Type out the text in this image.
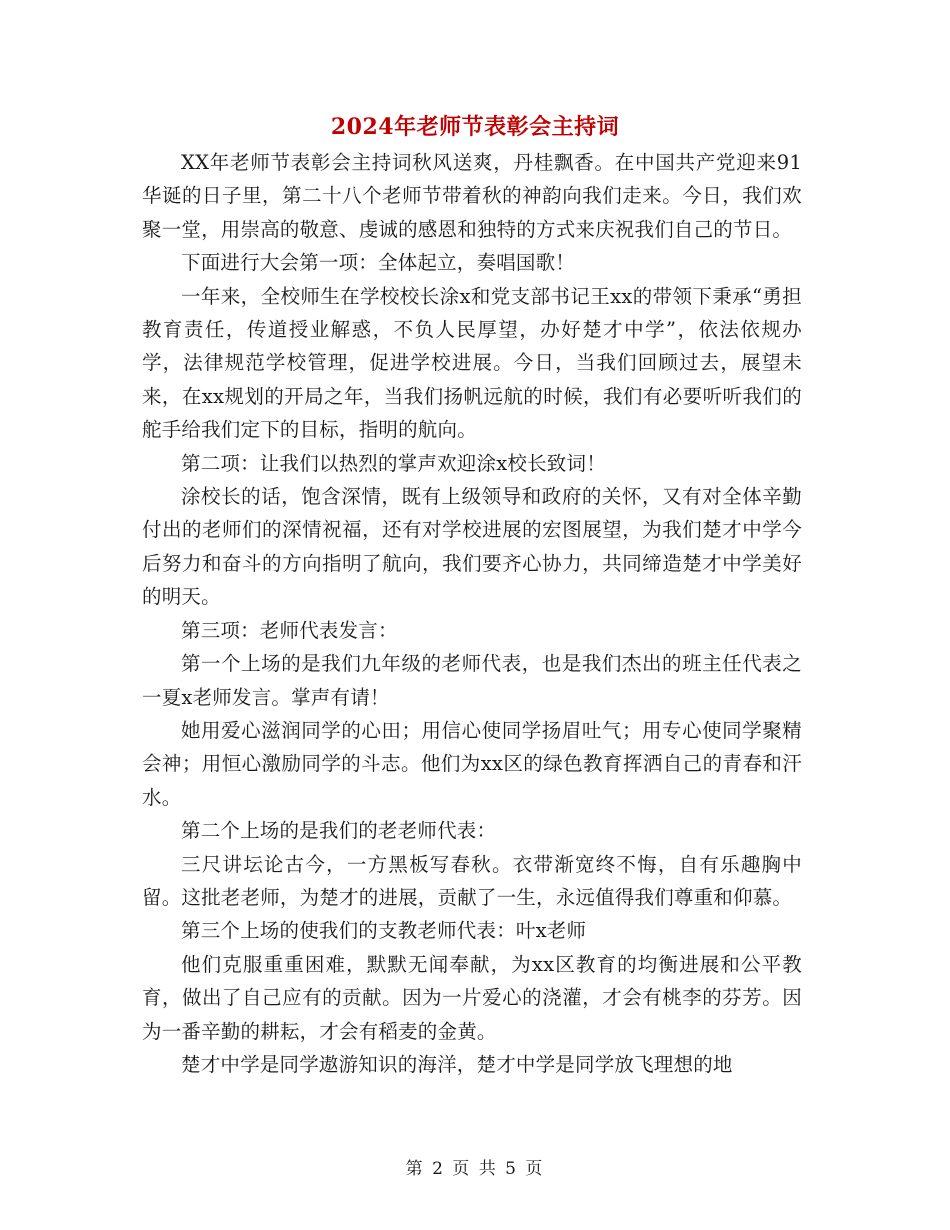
2024年老师节表彰会主持词

XX年老师节表彰会主持词秋风送爽，丹桂飘香。在中国共产党迎来91华诞的日子里，第二十八个老师节带着秋的神韵向我们走来。今日，我们欢聚一堂，用崇高的敬意、虔诚的感恩和独特的方式来庆祝我们自己的节日。

下面进行大会第一项：全体起立，奏唱国歌！

一年来，全校师生在学校校长涂x和党支部书记王xx的带领下秉承“勇担教育责任，传道授业解惑，不负人民厚望，办好楚才中学”，依法依规办学，法律规范学校管理，促进学校进展。今日，当我们回顾过去，展望未来，在xx规划的开局之年，当我们扬帆远航的时候，我们有必要听听我们的舵手给我们定下的目标，指明的航向。

第二项：让我们以热烈的掌声欢迎涂x校长致词！

涂校长的话，饱含深情，既有上级领导和政府的关怀，又有对全体辛勤付出的老师们的深情祝福，还有对学校进展的宏图展望，为我们楚才中学今后努力和奋斗的方向指明了航向，我们要齐心协力，共同缔造楚才中学美好的明天。

第三项：老师代表发言：

第一个上场的是我们九年级的老师代表，也是我们杰出的班主任代表之一夏x老师发言。掌声有请！

她用爱心滋润同学的心田；用信心使同学扬眉吐气；用专心使同学聚精会神；用恒心激励同学的斗志。他们为xx区的绿色教育挥洒自己的青春和汗水。

第二个上场的是我们的老老师代表：

三尺讲坛论古今，一方黑板写春秋。衣带渐宽终不悔，自有乐趣胸中留。这批老老师，为楚才的进展，贡献了一生，永远值得我们尊重和仰慕。

第三个上场的使我们的支教老师代表：叶x老师

他们克服重重困难，默默无闻奉献，为xx区教育的均衡进展和公平教育，做出了自己应有的贡献。因为一片爱心的浇灌，才会有桃李的芬芳。因为一番辛勤的耕耘，才会有稻麦的金黄。

楚才中学是同学遨游知识的海洋，楚才中学是同学放飞理想的地

第 2 页 共 5 页
